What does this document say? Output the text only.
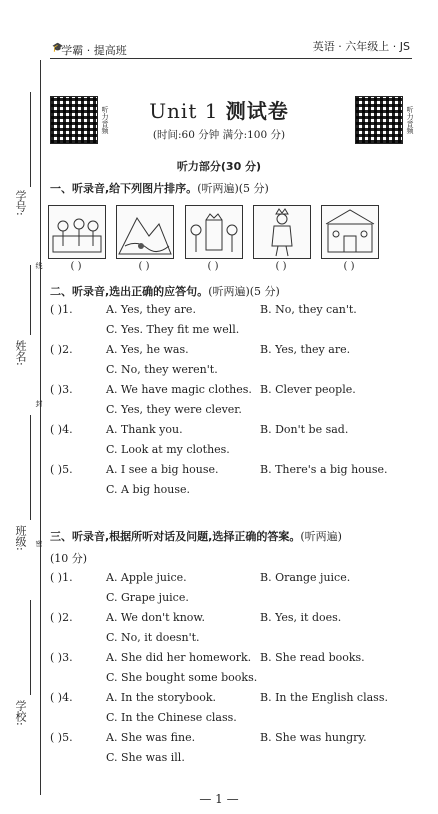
学号:
线
姓名:
封
班级: 密
学校:
🎓学霸 · 提高班	英语 · 六年级上 · JS
听力音频	听力音频
Unit 1 测试卷
(时间:60 分钟 满分:100 分)
听力部分(30 分)
一、听录音,给下列图片排序。(听两遍)(5 分)
( )	( )	( )	( )	( )
二、听录音,选出正确的应答句。(听两遍)(5 分)
( )1.	A. Yes, they are.	B. No, they can't.
C. Yes. They fit me well.
( )2.	A. Yes, he was.	B. Yes, they are.
C. No, they weren't.
( )3.	A. We have magic clothes. B. Clever people.
C. Yes, they were clever.
( )4.	A. Thank you.	B. Don't be sad.
C. Look at my clothes.
( )5.	A. I see a big house.	B. There's a big house.
C. A big house.
三、听录音,根据所听对话及问题,选择正确的答案。(听两遍)
(10 分)
( )1.	A. Apple juice.	B. Orange juice.
C. Grape juice.
( )2.	A. We don't know.	B. Yes, it does.
C. No, it doesn't.
( )3.	A. She did her homework. B. She read books.
C. She bought some books.
( )4.	A. In the storybook.	B. In the English class.
C. In the Chinese class.
( )5.	A. She was fine.	B. She was hungry.
C. She was ill.
— 1 —
